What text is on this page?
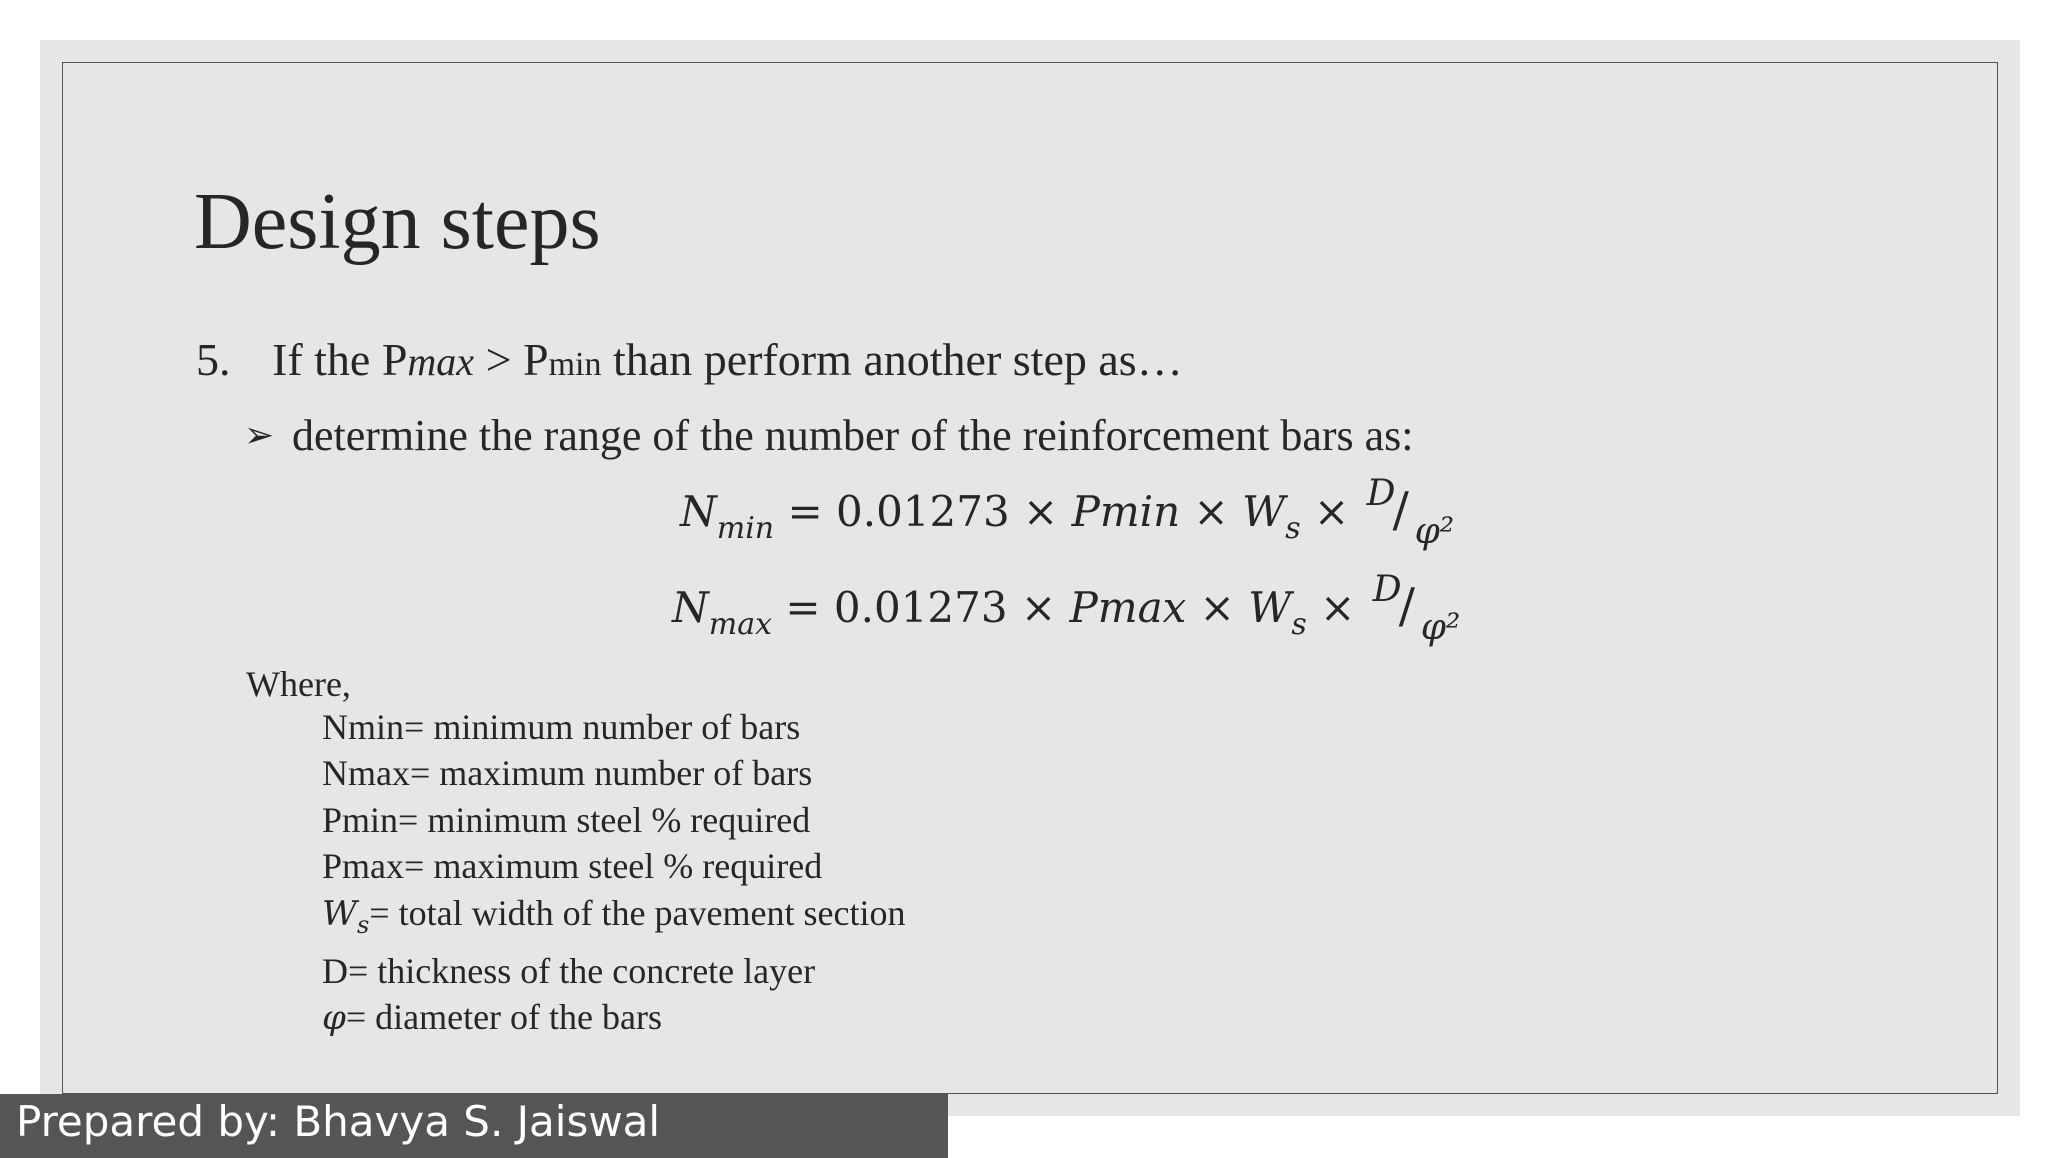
Design steps
5. If the Pmax > Pmin than perform another step as…
➢ determine the range of the number of the reinforcement bars as:
$N_{min} = 0.01273 \times Pmin \times W_s \times D$
/ φ²
$N_{max} = 0.01273 \times Pmax \times W_s \times D$
/ φ²
Where,
Nmin= minimum number of bars
Nmax= maximum number of bars
Pmin= minimum steel % required
Pmax= maximum steel % required
$W_s=$ total width of the pavement section
D= thickness of the concrete layer
φ= diameter of the bars
Prepared by: Bhavya S. Jaiswal
